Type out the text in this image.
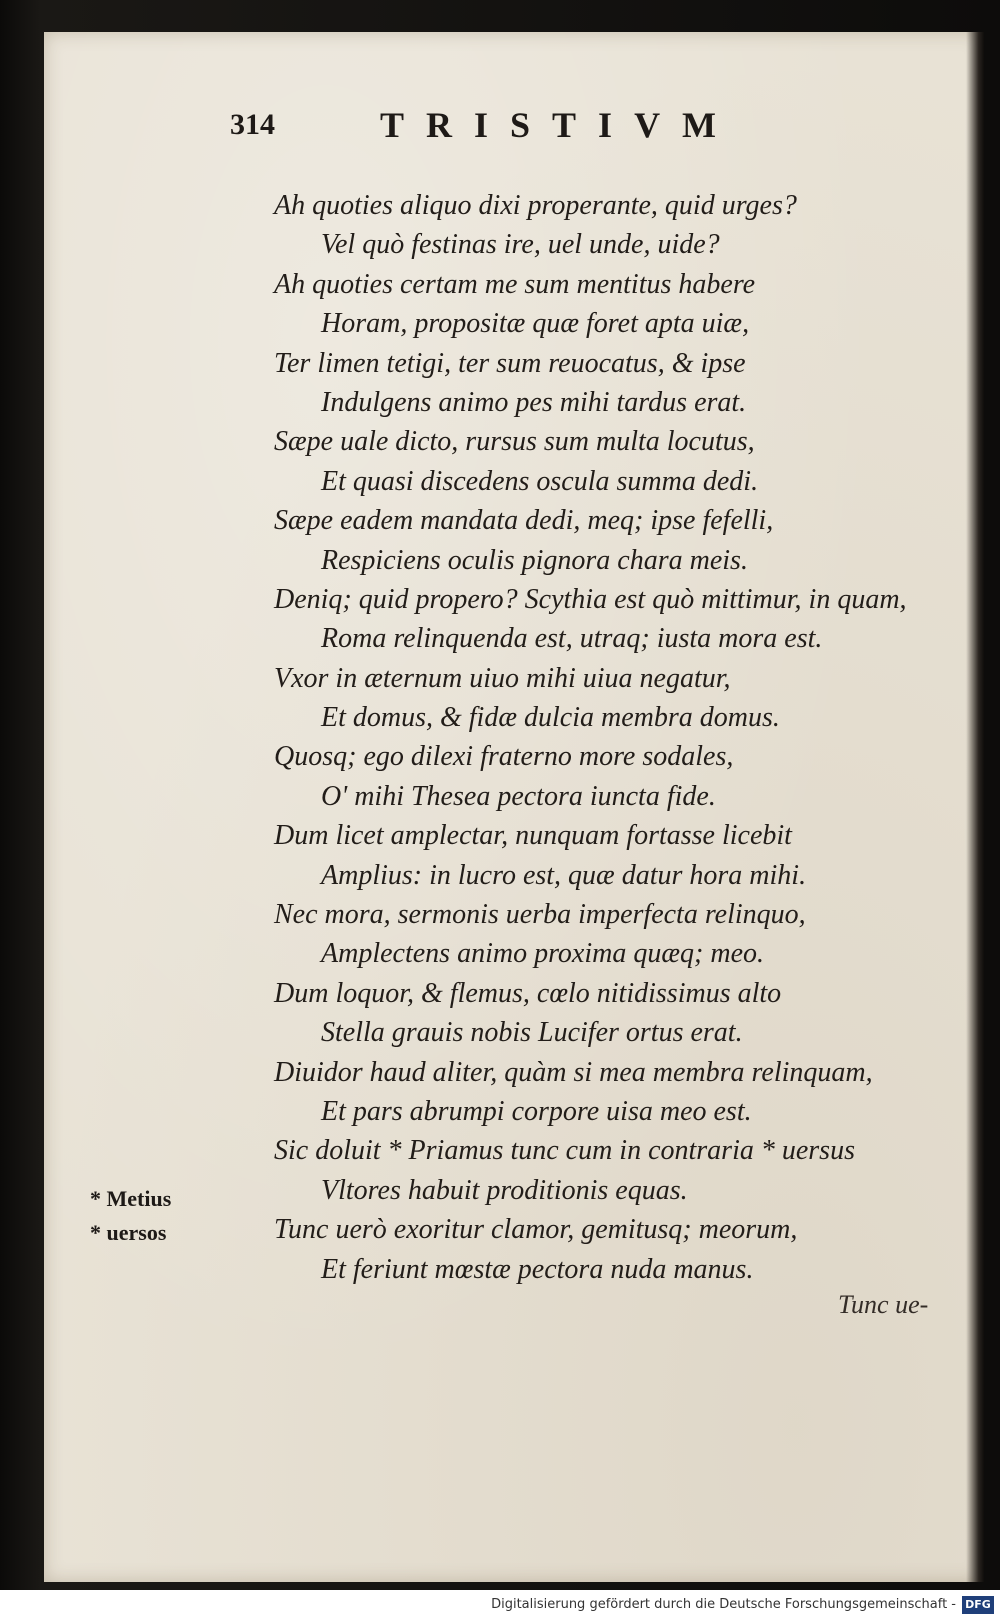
314	TRISTIVM
Ah quoties aliquo dixi properante, quid urges?
Vel quò festinas ire, uel unde, uide?
Ah quoties certam me sum mentitus habere
Horam, propositæ quæ foret apta uiæ,
Ter limen tetigi, ter sum reuocatus, & ipse
Indulgens animo pes mihi tardus erat.
Sæpe uale dicto, rursus sum multa locutus,
Et quasi discedens oscula summa dedi.
Sæpe eadem mandata dedi, meq; ipse fefelli,
Respiciens oculis pignora chara meis.
Deniq; quid propero? Scythia est quò mittimur, in quam,
Roma relinquenda est, utraq; iusta mora est.
Vxor in æternum uiuo mihi uiua negatur,
Et domus, & fidæ dulcia membra domus.
Quosq; ego dilexi fraterno more sodales,
O' mihi Thesea pectora iuncta fide.
Dum licet amplectar, nunquam fortasse licebit
Amplius: in lucro est, quæ datur hora mihi.
Nec mora, sermonis uerba imperfecta relinquo,
Amplectens animo proxima quæq; meo.
Dum loquor, & flemus, cœlo nitidissimus alto
Stella grauis nobis Lucifer ortus erat.
Diuidor haud aliter, quàm si mea membra relinquam,
Et pars abrumpi corpore uisa meo est.
Sic doluit * Priamus tunc cum in contraria * uersus
Vltores habuit proditionis equas.
Tunc uerò exoritur clamor, gemitusq; meorum,
Et feriunt mœstæ pectora nuda manus.
* Metius
* uersos
Tunc ue-
Digitalisierung gefördert durch die Deutsche Forschungsgemeinschaft - DFG
